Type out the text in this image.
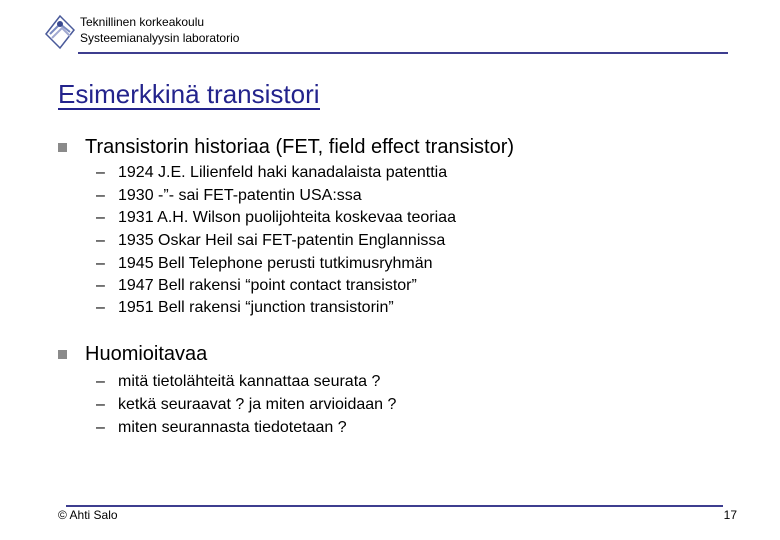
Teknillinen korkeakoulu
Systeemianalyysin laboratorio
Esimerkkinä transistori
Transistorin historiaa (FET, field effect transistor)
– 1924 J.E. Lilienfeld haki kanadalaista patenttia
– 1930 -”- sai FET-patentin USA:ssa
– 1931 A.H. Wilson puolijohteita koskevaa teoriaa
– 1935 Oskar Heil sai FET-patentin Englannissa
– 1945 Bell Telephone perusti tutkimusryhmän
– 1947 Bell rakensi “point contact transistor”
– 1951 Bell rakensi “junction transistorin”
Huomioitavaa
– mitä tietolähteitä kannattaa seurata ?
– ketkä seuraavat ? ja miten arvioidaan ?
– miten seurannasta tiedotetaan ?
© Ahti Salo	17
